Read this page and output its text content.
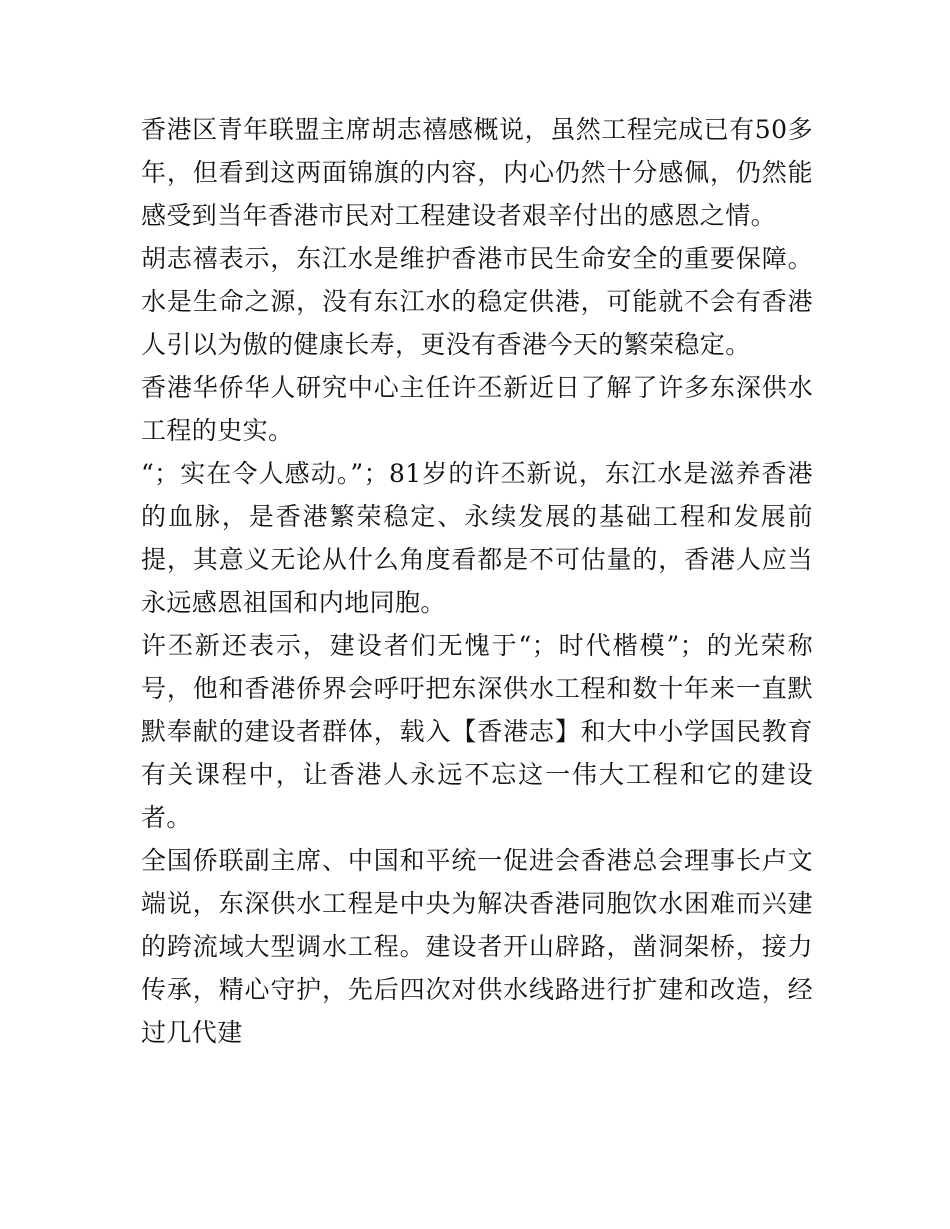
香港区青年联盟主席胡志禧感概说，虽然工程完成已有50多年，但看到这两面锦旗的内容，内心仍然十分感佩，仍然能感受到当年香港市民对工程建设者艰辛付出的感恩之情。

胡志禧表示，东江水是维护香港市民生命安全的重要保障。水是生命之源，没有东江水的稳定供港，可能就不会有香港人引以为傲的健康长寿，更没有香港今天的繁荣稳定。

香港华侨华人研究中心主任许丕新近日了解了许多东深供水工程的史实。

“；实在令人感动。”；81岁的许丕新说，东江水是滋养香港的血脉，是香港繁荣稳定、永续发展的基础工程和发展前提，其意义无论从什么角度看都是不可估量的，香港人应当永远感恩祖国和内地同胞。

许丕新还表示，建设者们无愧于“；时代楷模”；的光荣称号，他和香港侨界会呼吁把东深供水工程和数十年来一直默默奉献的建设者群体，载入【香港志】和大中小学国民教育有关课程中，让香港人永远不忘这一伟大工程和它的建设者。

全国侨联副主席、中国和平统一促进会香港总会理事长卢文端说，东深供水工程是中央为解决香港同胞饮水困难而兴建的跨流域大型调水工程。建设者开山辟路，凿洞架桥，接力传承，精心守护，先后四次对供水线路进行扩建和改造，经过几代建
